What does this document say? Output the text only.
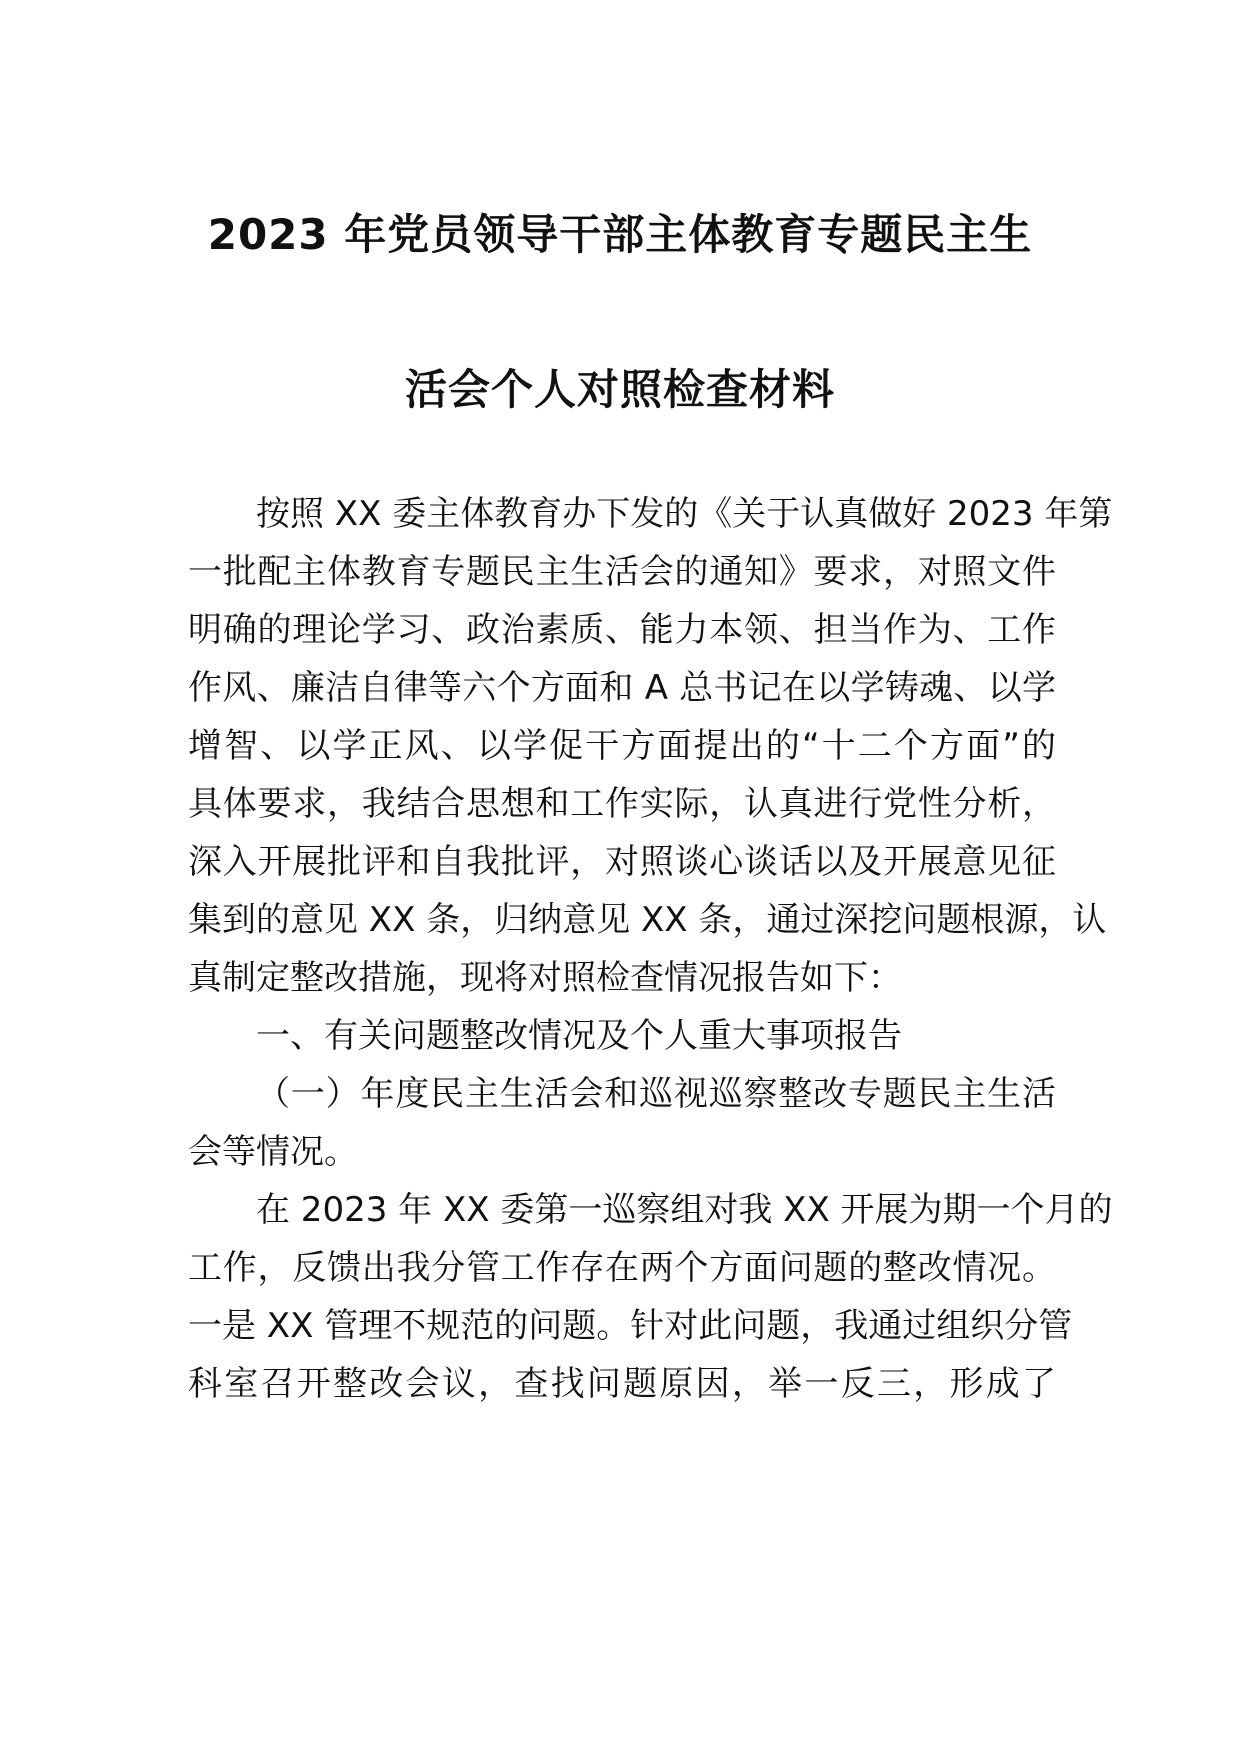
2023 年党员领导干部主体教育专题民主生
活会个人对照检查材料
按照 XX 委主体教育办下发的《关于认真做好 2023 年第
一批配主体教育专题民主生活会的通知》要求，对照文件
明确的理论学习、政治素质、能力本领、担当作为、工作
作风、廉洁自律等六个方面和 A 总书记在以学铸魂、以学
增智、以学正风、以学促干方面提出的“十二个方面”的
具体要求，我结合思想和工作实际，认真进行党性分析，
深入开展批评和自我批评，对照谈心谈话以及开展意见征
集到的意见 XX 条，归纳意见 XX 条，通过深挖问题根源，认
真制定整改措施，现将对照检查情况报告如下：
一、有关问题整改情况及个人重大事项报告
（一）年度民主生活会和巡视巡察整改专题民主生活
会等情况。
在 2023 年 XX 委第一巡察组对我 XX 开展为期一个月的
工作，反馈出我分管工作存在两个方面问题的整改情况。
一是 XX 管理不规范的问题。针对此问题，我通过组织分管
科室召开整改会议，查找问题原因，举一反三，形成了
